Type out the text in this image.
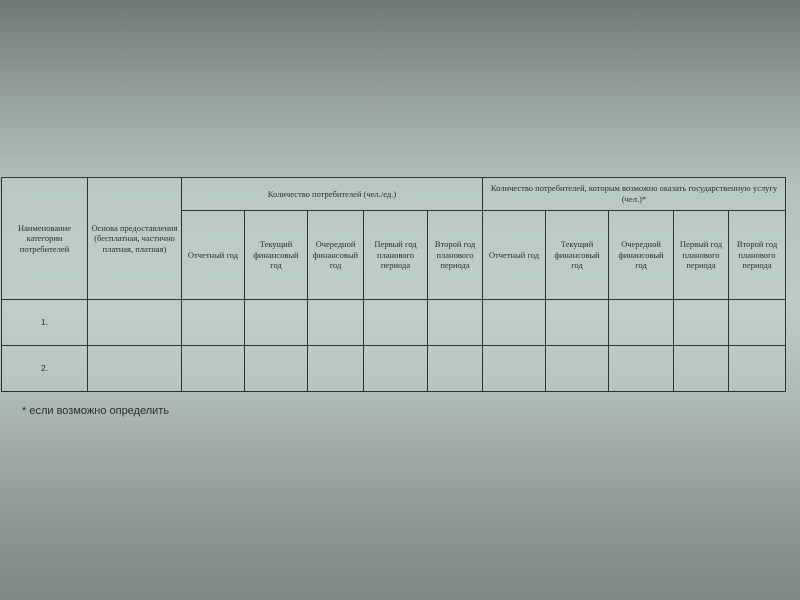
Наименование категории потребителей	Основа предоставления (бесплатная, частично платная, платная)	Количество потребителей (чел./ед.)					Количество потребителей, которым возможно оказать государственную услугу (чел.)*				
		Отчетный год	Текущий финансовый год	Очередной финансовый год	Первый год планового периода	Второй год планового периода	Отчетный год	Текущий финансовый год	Очередной финансовый год	Первый год планового периода	Второй год планового периода
1.											
2.											
* если возможно определить
